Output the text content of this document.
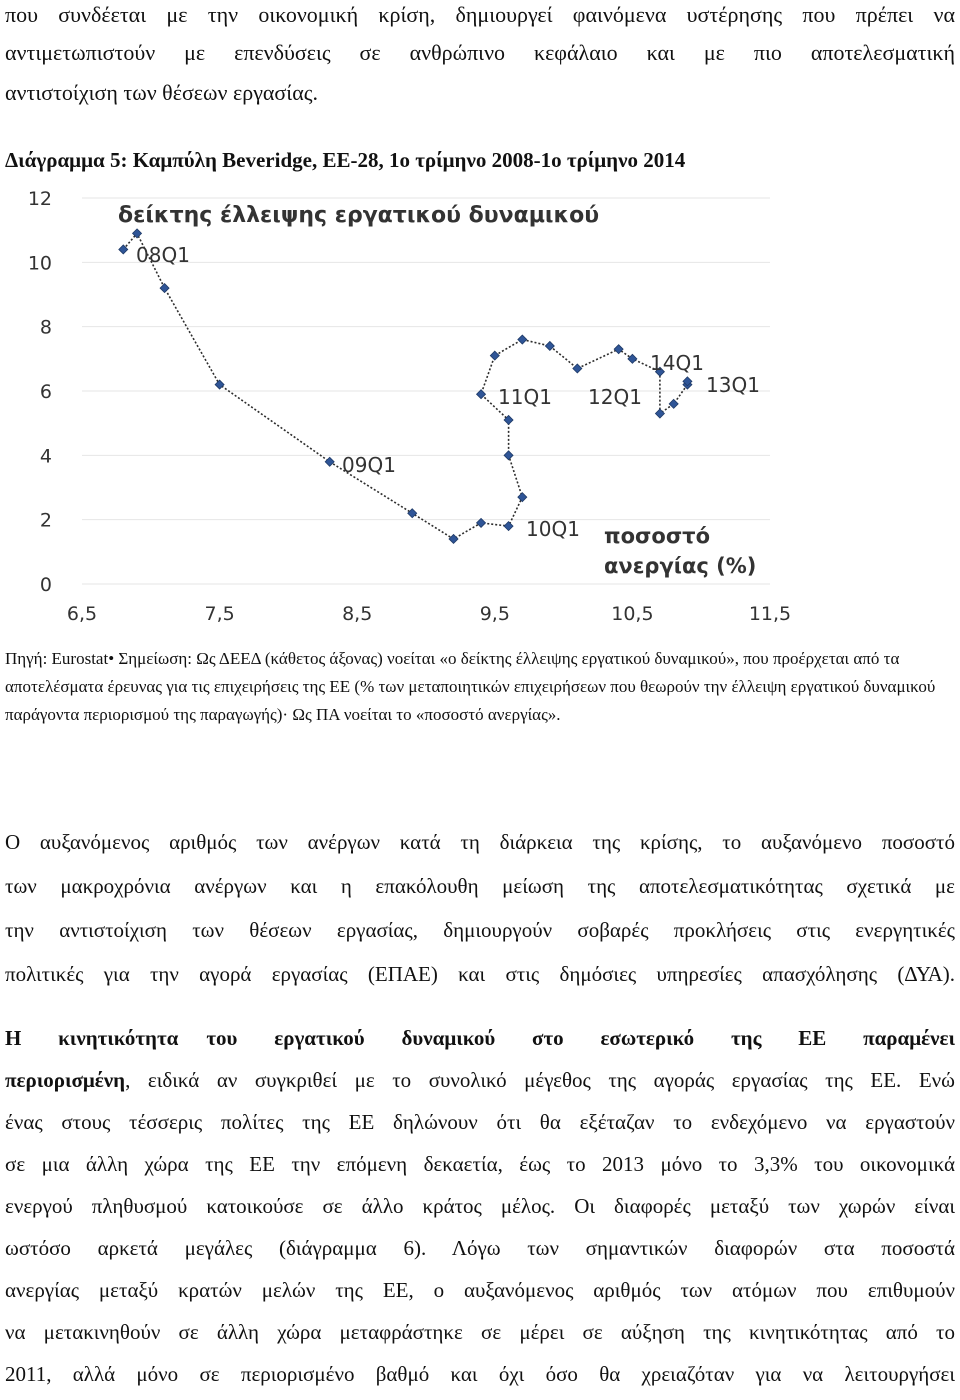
που συνδέεται με την οικονομική κρίση, δημιουργεί φαινόμενα υστέρησης που πρέπει να
αντιμετωπιστούν με επενδύσεις σε ανθρώπινο κεφάλαιο και με πιο αποτελεσματική
αντιστοίχιση των θέσεων εργασίας.
Διάγραμμα 5: Καμπύλη Beveridge, ΕΕ-28, 1ο τρίμηνο 2008-1ο τρίμηνο 2014
0
2
4
6
8
10
12
6,5	7,5	8,5	9,5	10,5	11,5
δείκτης έλλειψης εργατικού δυναμικού
ποσοστό
ανεργίας (%)
08Q1
09Q1
10Q1
11Q1 12Q1	13Q1
14Q1
Πηγή: Eurostat• Σημείωση: Ως ΔΕΕΔ (κάθετος άξονας) νοείται «ο δείκτης έλλειψης εργατικού δυναμικού», που προέρχεται από τα αποτελέσματα έρευνας για τις επιχειρήσεις της ΕΕ (% των μεταποιητικών επιχειρήσεων που θεωρούν την έλλειψη εργατικού δυναμικού παράγοντα περιορισμού της παραγωγής)· Ως ΠΑ νοείται το «ποσοστό ανεργίας».
Ο αυξανόμενος αριθμός των ανέργων κατά τη διάρκεια της κρίσης, το αυξανόμενο ποσοστό
των μακροχρόνια ανέργων και η επακόλουθη μείωση της αποτελεσματικότητας σχετικά με
την αντιστοίχιση των θέσεων εργασίας, δημιουργούν σοβαρές προκλήσεις στις ενεργητικές
πολιτικές για την αγορά εργασίας (ΕΠΑΕ) και στις δημόσιες υπηρεσίες απασχόλησης (ΔΥΑ).
Η κινητικότητα του εργατικού δυναμικού στο εσωτερικό της ΕΕ παραμένει
περιορισμένη, ειδικά αν συγκριθεί με το συνολικό μέγεθος της αγοράς εργασίας της ΕΕ. Ενώ
ένας στους τέσσερις πολίτες της ΕΕ δηλώνουν ότι θα εξέταζαν το ενδεχόμενο να εργαστούν
σε μια άλλη χώρα της ΕΕ την επόμενη δεκαετία, έως το 2013 μόνο το 3,3% του οικονομικά
ενεργού πληθυσμού κατοικούσε σε άλλο κράτος μέλος. Οι διαφορές μεταξύ των χωρών είναι
ωστόσο αρκετά μεγάλες (διάγραμμα 6). Λόγω των σημαντικών διαφορών στα ποσοστά
ανεργίας μεταξύ κρατών μελών της ΕΕ, ο αυξανόμενος αριθμός των ατόμων που επιθυμούν
να μετακινηθούν σε άλλη χώρα μεταφράστηκε σε μέρει σε αύξηση της κινητικότητας από το
2011, αλλά μόνο σε περιορισμένο βαθμό και όχι όσο θα χρειαζόταν για να λειτουργήσει
